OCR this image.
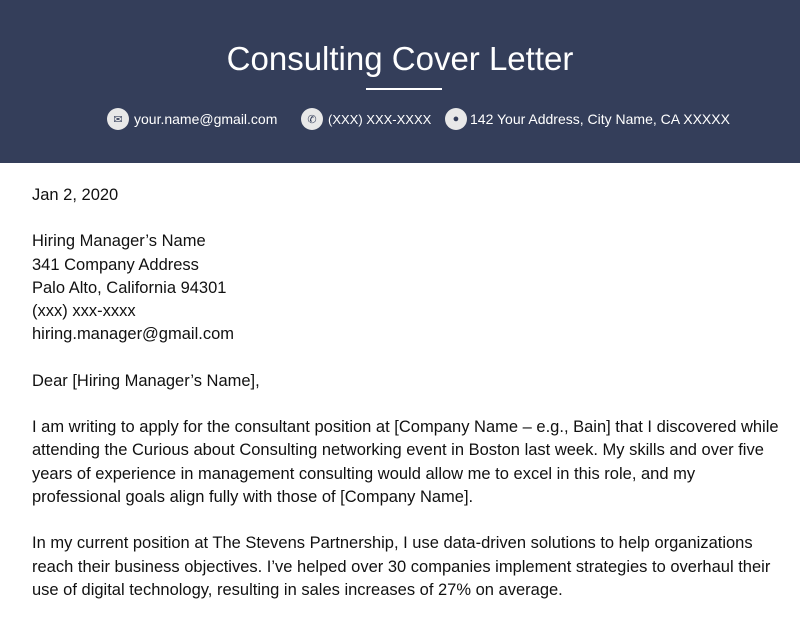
Consulting Cover Letter
✉ your.name@gmail.com	✆ (XXX) XXX-XXXX	● 142 Your Address, City Name, CA XXXXX

Jan 2, 2020

Hiring Manager’s Name
341 Company Address
Palo Alto, California 94301
(xxx) xxx-xxxx
hiring.manager@gmail.com

Dear [Hiring Manager’s Name],

I am writing to apply for the consultant position at [Company Name – e.g., Bain] that I discovered while attending the Curious about Consulting networking event in Boston last week. My skills and over five years of experience in management consulting would allow me to excel in this role, and my professional goals align fully with those of [Company Name].

In my current position at The Stevens Partnership, I use data-driven solutions to help organizations reach their business objectives. I’ve helped over 30 companies implement strategies to overhaul their use of digital technology, resulting in sales increases of 27% on average.
